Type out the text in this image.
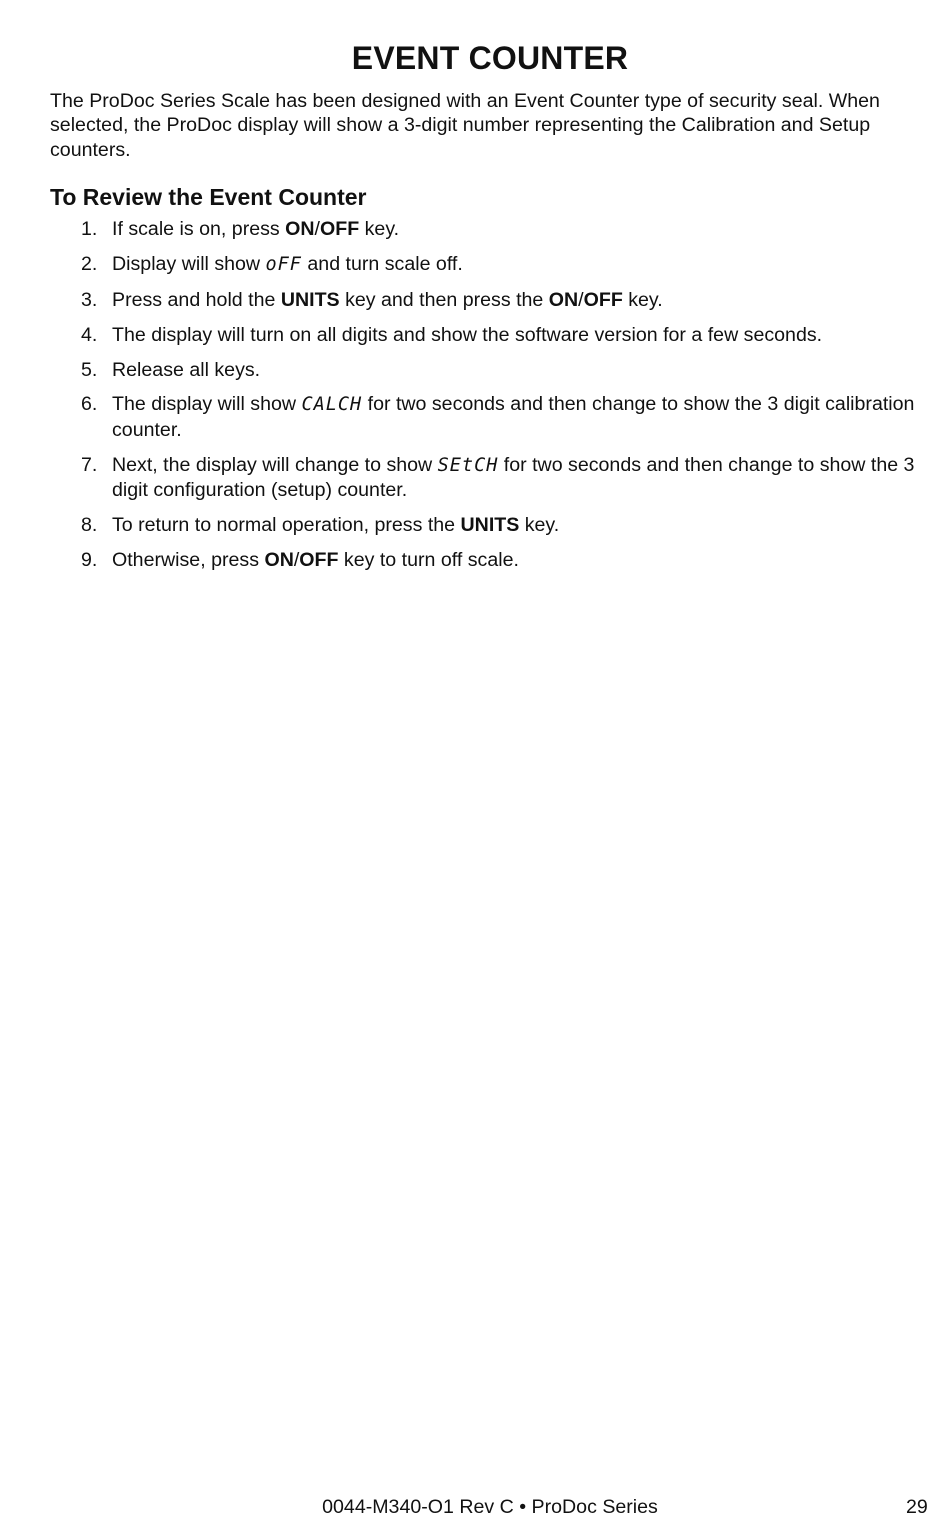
EVENT COUNTER

The ProDoc Series Scale has been designed with an Event Counter type of security seal. When selected, the ProDoc display will show a 3-digit number representing the Calibration and Setup counters.

To Review the Event Counter
1. If scale is on, press ON/OFF key.
2. Display will show oFF and turn scale off.
3. Press and hold the UNITS key and then press the ON/OFF key.
4. The display will turn on all digits and show the software version for a few seconds.
5. Release all keys.
6. The display will show CALCH for two seconds and then change to show the 3 digit calibration counter.
7. Next, the display will change to show SEtCH for two seconds and then change to show the 3 digit configuration (setup) counter.
8. To return to normal operation, press the UNITS key.
9. Otherwise, press ON/OFF key to turn off scale.
0044-M340-O1 Rev C • ProDoc Series	29
